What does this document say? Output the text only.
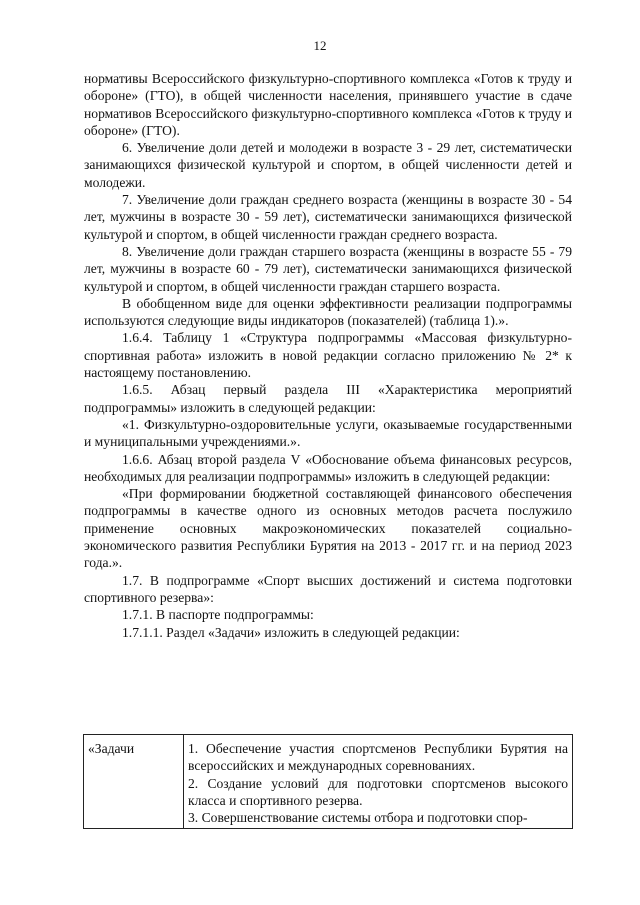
12

нормативы Всероссийского физкультурно-спортивного комплекса «Готов к труду и обороне» (ГТО), в общей численности населения, принявшего участие в сдаче нормативов Всероссийского физкультурно-спортивного комплекса «Готов к труду и обороне» (ГТО).

6. Увеличение доли детей и молодежи в возрасте 3 - 29 лет, систематически занимающихся физической культурой и спортом, в общей численности детей и молодежи.

7. Увеличение доли граждан среднего возраста (женщины в возрасте 30 - 54 лет, мужчины в возрасте 30 - 59 лет), систематически занимающихся физической культурой и спортом, в общей численности граждан среднего возраста.

8. Увеличение доли граждан старшего возраста (женщины в возрасте 55 - 79 лет, мужчины в возрасте 60 - 79 лет), систематически занимающихся физической культурой и спортом, в общей численности граждан старшего возраста.

В обобщенном виде для оценки эффективности реализации подпрограммы используются следующие виды индикаторов (показателей) (таблица 1).».

1.6.4. Таблицу 1 «Структура подпрограммы «Массовая физкультурно-спортивная работа» изложить в новой редакции согласно приложению № 2* к настоящему постановлению.

1.6.5. Абзац первый раздела III «Характеристика мероприятий подпрограммы» изложить в следующей редакции:

«1. Физкультурно-оздоровительные услуги, оказываемые государственными и муниципальными учреждениями.».

1.6.6. Абзац второй раздела V «Обоснование объема финансовых ресурсов, необходимых для реализации подпрограммы» изложить в следующей редакции:

«При формировании бюджетной составляющей финансового обеспечения подпрограммы в качестве одного из основных методов расчета послужило применение основных макроэкономических показателей социально-экономического развития Республики Бурятия на 2013 - 2017 гг. и на период 2023 года.».

1.7. В подпрограмме «Спорт высших достижений и система подготовки спортивного резерва»:

1.7.1. В паспорте подпрограммы:

1.7.1.1. Раздел «Задачи» изложить в следующей редакции:

«Задачи	1. Обеспечение участия спортсменов Республики Бурятия на всероссийских и международных соревнованиях.
2. Создание условий для подготовки спортсменов высокого класса и спортивного резерва.
3. Совершенствование системы отбора и подготовки спор-
